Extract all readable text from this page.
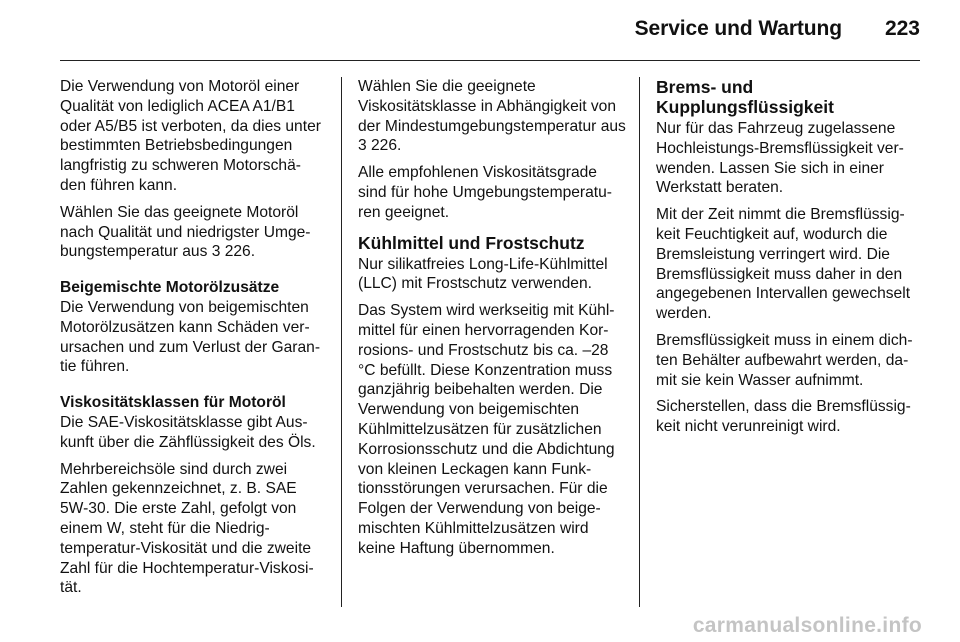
Service und Wartung 223

Die Verwendung von Motoröl einer Qualität von lediglich ACEA A1/B1 oder A5/B5 ist verboten, da dies unter bestimmten Betriebsbedingungen langfristig zu schweren Motorschä- den führen kann.

Wählen Sie das geeignete Motoröl nach Qualität und niedrigster Umge- bungstemperatur aus 3 226.

Beigemischte Motorölzusätze
Die Verwendung von beigemischten Motorölzusätzen kann Schäden ver- ursachen und zum Verlust der Garan- tie führen.

Viskositätsklassen für Motoröl
Die SAE-Viskositätsklasse gibt Aus- kunft über die Zähflüssigkeit des Öls.

Mehrbereichsöle sind durch zwei Zahlen gekennzeichnet, z. B. SAE 5W-30. Die erste Zahl, gefolgt von einem W, steht für die Niedrig- temperatur-Viskosität und die zweite Zahl für die Hochtemperatur-Viskosi- tät.

Wählen Sie die geeignete Viskositätsklasse in Abhängigkeit von der Mindestumgebungstemperatur aus 3 226.

Alle empfohlenen Viskositätsgrade sind für hohe Umgebungstemperatu- ren geeignet.

Kühlmittel und Frostschutz

Nur silikatfreies Long-Life-Kühlmittel (LLC) mit Frostschutz verwenden.

Das System wird werkseitig mit Kühl- mittel für einen hervorragenden Kor- rosions- und Frostschutz bis ca. –28 °C befüllt. Diese Konzentration muss ganzjährig beibehalten werden. Die Verwendung von beigemischten Kühlmittelzusätzen für zusätzlichen Korrosionsschutz und die Abdichtung von kleinen Leckagen kann Funk- tionsstörungen verursachen. Für die Folgen der Verwendung von beige- mischten Kühlmittelzusätzen wird keine Haftung übernommen.

Brems- und Kupplungsflüssigkeit

Nur für das Fahrzeug zugelassene Hochleistungs-Bremsflüssigkeit ver- wenden. Lassen Sie sich in einer Werkstatt beraten.

Mit der Zeit nimmt die Bremsflüssig- keit Feuchtigkeit auf, wodurch die Bremsleistung verringert wird. Die Bremsflüssigkeit muss daher in den angegebenen Intervallen gewechselt werden.

Bremsflüssigkeit muss in einem dich- ten Behälter aufbewahrt werden, da- mit sie kein Wasser aufnimmt.

Sicherstellen, dass die Bremsflüssig- keit nicht verunreinigt wird.

carmanualsonline.info
